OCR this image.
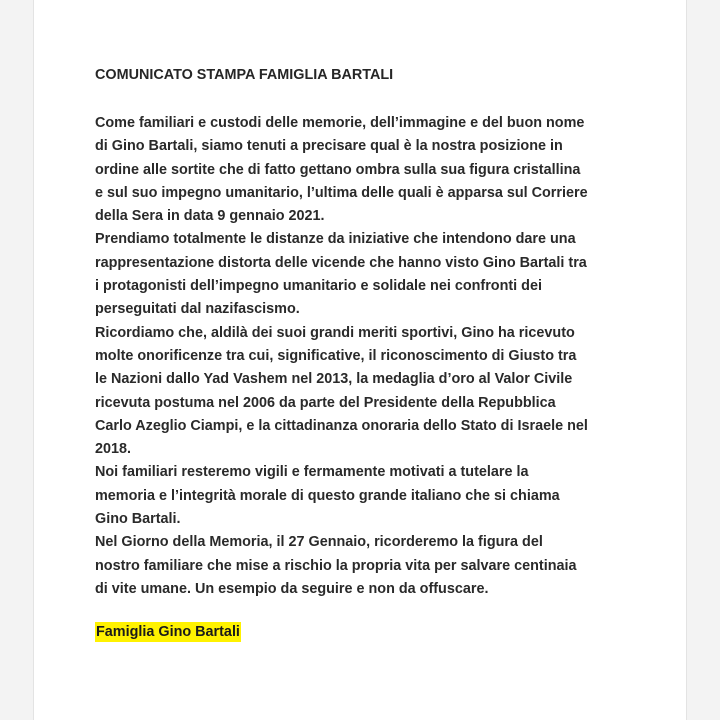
COMUNICATO STAMPA FAMIGLIA BARTALI
Come familiari e custodi delle memorie, dell’immagine e del buon nome
di Gino Bartali, siamo tenuti a precisare qual è la nostra posizione in
ordine alle sortite che di fatto gettano ombra sulla sua figura cristallina
e sul suo impegno umanitario, l’ultima delle quali è apparsa sul Corriere
della Sera in data 9 gennaio 2021.
Prendiamo totalmente le distanze da iniziative che intendono dare una
rappresentazione distorta delle vicende che hanno visto Gino Bartali tra
i protagonisti dell’impegno umanitario e solidale nei confronti dei
perseguitati dal nazifascismo.
Ricordiamo che, aldilà dei suoi grandi meriti sportivi, Gino ha ricevuto
molte onorificenze tra cui, significative, il riconoscimento di Giusto tra
le Nazioni dallo Yad Vashem nel 2013, la medaglia d’oro al Valor Civile
ricevuta postuma nel 2006 da parte del Presidente della Repubblica
Carlo Azeglio Ciampi, e la cittadinanza onoraria dello Stato di Israele nel
2018.
Noi familiari resteremo vigili e fermamente motivati a tutelare la
memoria e l’integrità morale di questo grande italiano che si chiama
Gino Bartali.
Nel Giorno della Memoria, il 27 Gennaio, ricorderemo la figura del
nostro familiare che mise a rischio la propria vita per salvare centinaia
di vite umane. Un esempio da seguire e non da offuscare.
Famiglia Gino Bartali
